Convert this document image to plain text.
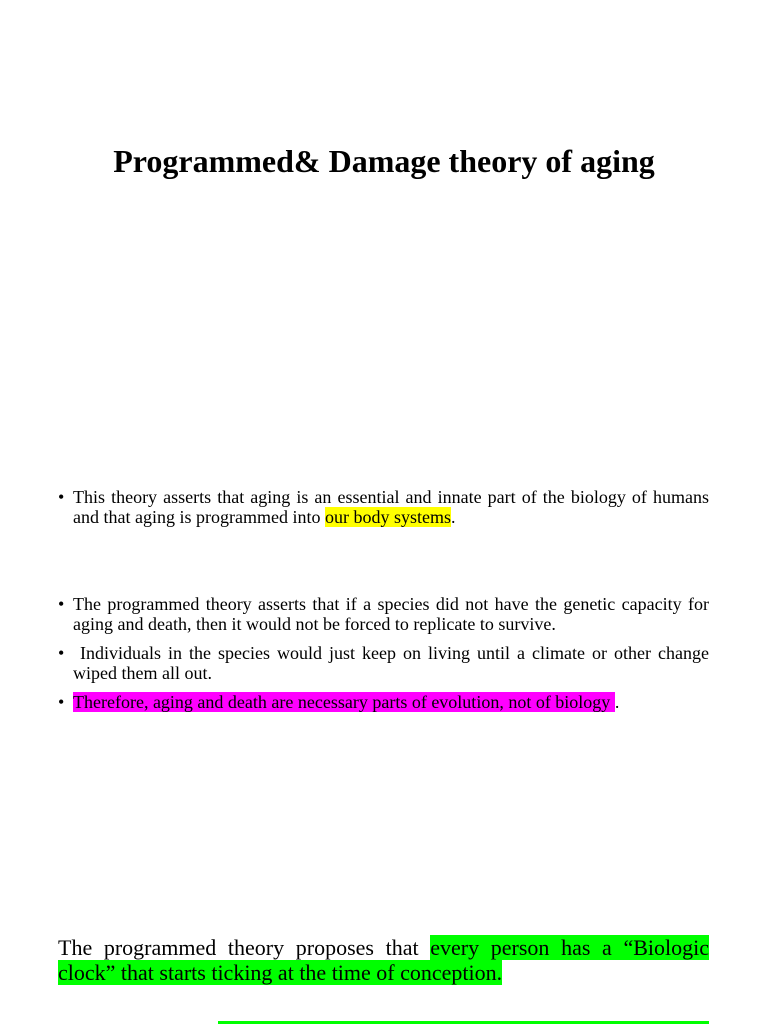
Programmed& Damage theory of aging
• This theory asserts that aging is an essential and innate part of the biology of humans and that aging is programmed into our body systems.
• The programmed theory asserts that if a species did not have the genetic capacity for aging and death, then it would not be forced to replicate to survive.
• Individuals in the species would just keep on living until a climate or other change wiped them all out.
• Therefore, aging and death are necessary parts of evolution, not of biology .

The programmed theory proposes that every person has a “Biologic clock” that starts ticking at the time of conception.
